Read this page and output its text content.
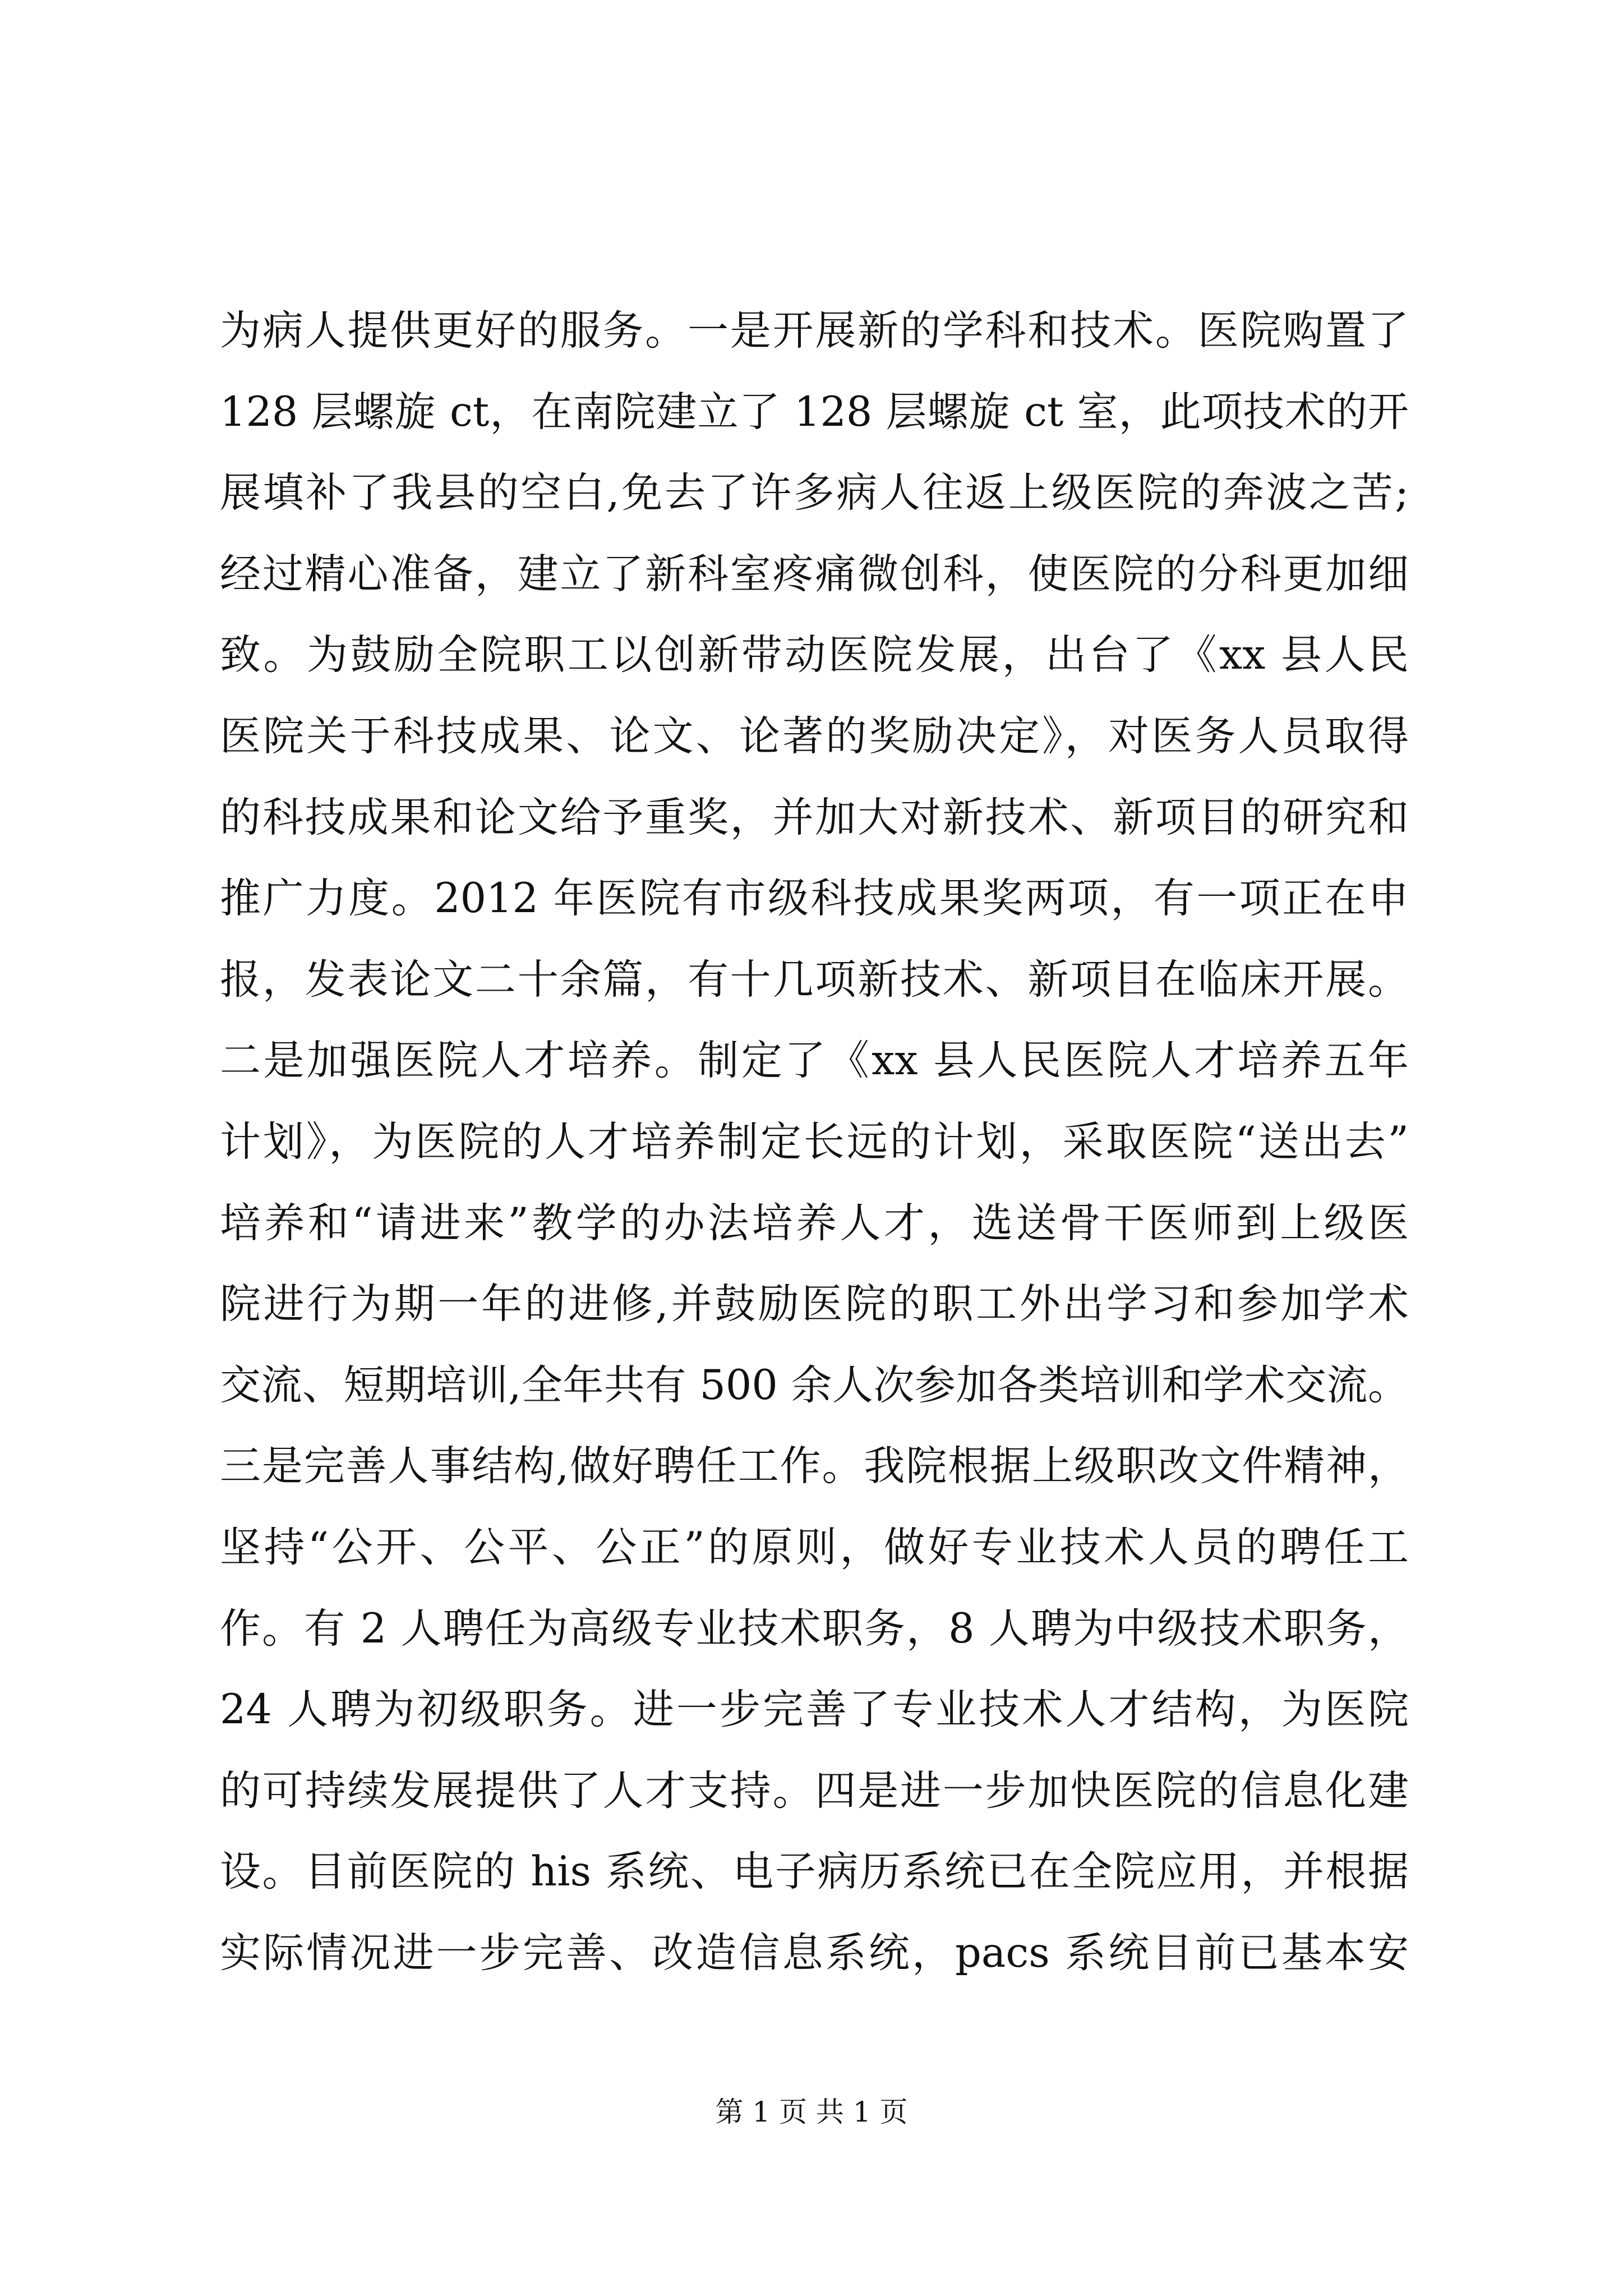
为病人提供更好的服务。一是开展新的学科和技术。医院购置了
128 层螺旋 ct，在南院建立了 128 层螺旋 ct 室，此项技术的开
展填补了我县的空白,免去了许多病人往返上级医院的奔波之苦;
经过精心准备，建立了新科室疼痛微创科，使医院的分科更加细
致。为鼓励全院职工以创新带动医院发展，出台了《xx 县人民
医院关于科技成果、论文、论著的奖励决定》，对医务人员取得
的科技成果和论文给予重奖，并加大对新技术、新项目的研究和
推广力度。2012 年医院有市级科技成果奖两项，有一项正在申
报，发表论文二十余篇，有十几项新技术、新项目在临床开展。
二是加强医院人才培养。制定了《xx 县人民医院人才培养五年
计划》，为医院的人才培养制定长远的计划，采取医院“送出去”
培养和“请进来”教学的办法培养人才，选送骨干医师到上级医
院进行为期一年的进修,并鼓励医院的职工外出学习和参加学术
交流、短期培训,全年共有 500 余人次参加各类培训和学术交流。
三是完善人事结构,做好聘任工作。我院根据上级职改文件精神，
坚持“公开、公平、公正”的原则，做好专业技术人员的聘任工
作。有 2 人聘任为高级专业技术职务，8 人聘为中级技术职务，
24 人聘为初级职务。进一步完善了专业技术人才结构，为医院
的可持续发展提供了人才支持。四是进一步加快医院的信息化建
设。目前医院的 his 系统、电子病历系统已在全院应用，并根据
实际情况进一步完善、改造信息系统，pacs 系统目前已基本安
第 1 页 共 1 页
